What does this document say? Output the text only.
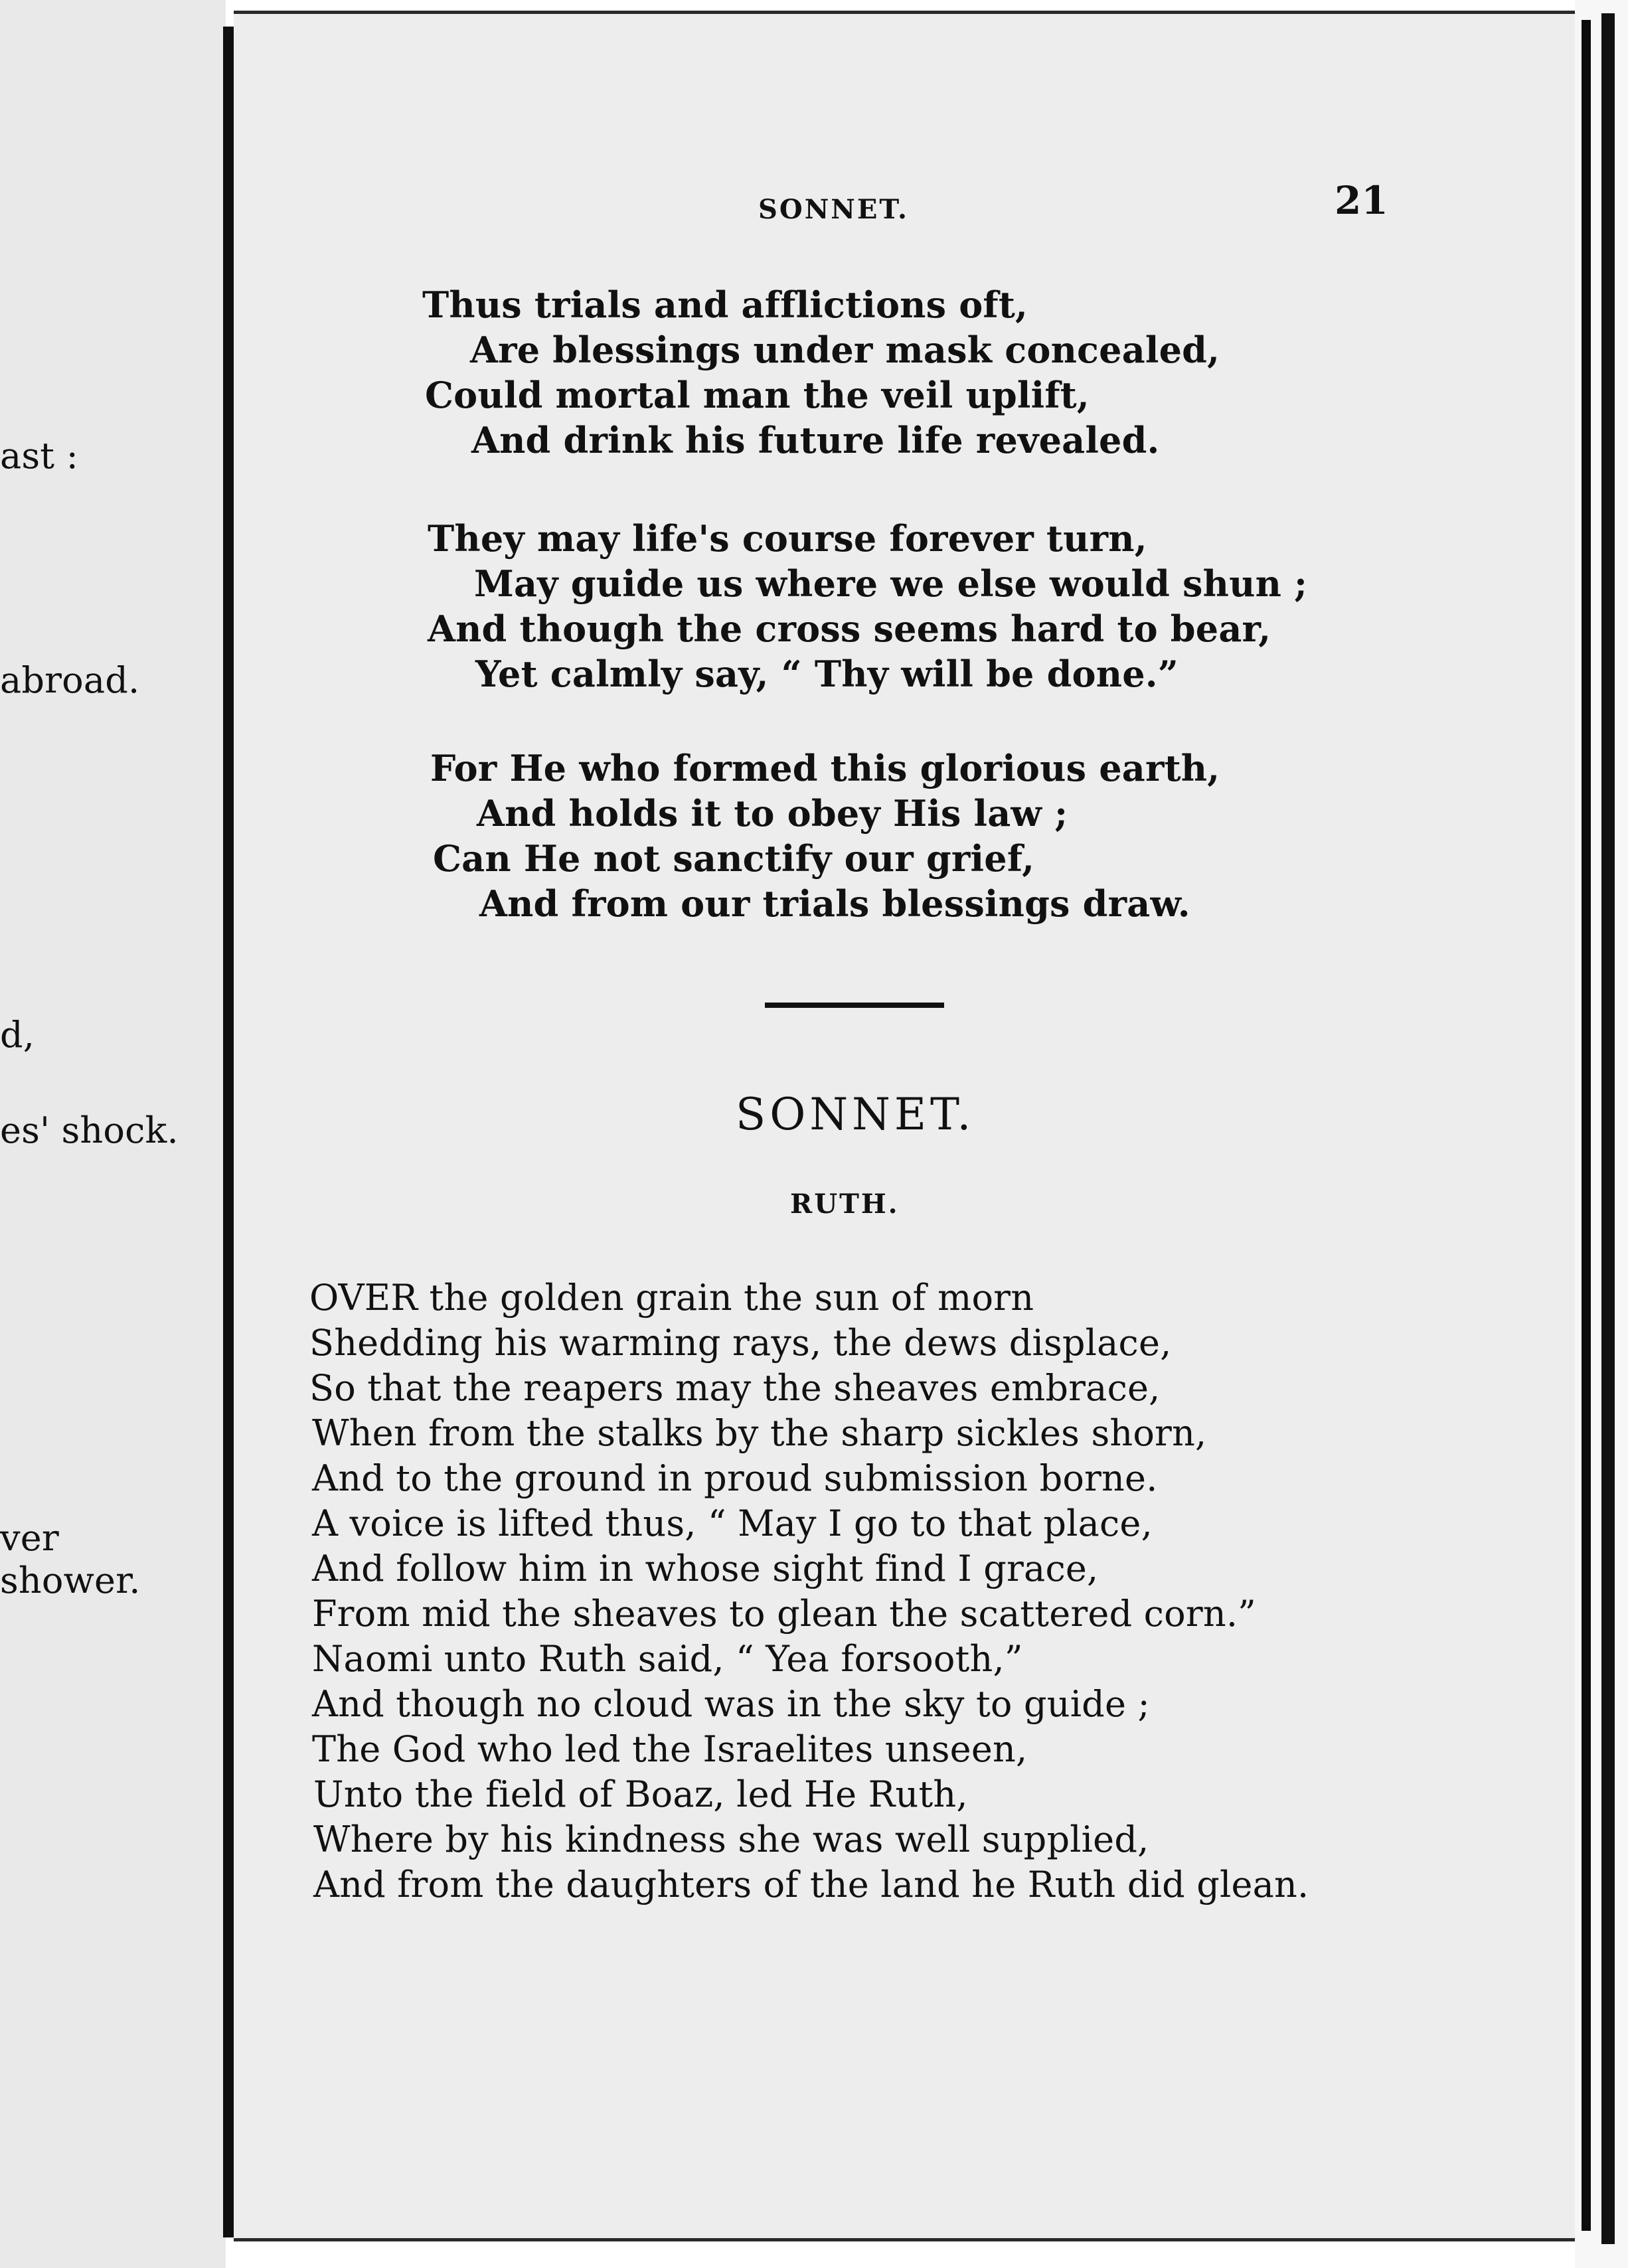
ast :
abroad.
d,
es' shock.
ver
shower.
SONNET.	21
Thus trials and afflictions oft,
Are blessings under mask concealed,
Could mortal man the veil uplift,
And drink his future life revealed.
They may life's course forever turn,
May guide us where we else would shun ;
And though the cross seems hard to bear,
Yet calmly say, “ Thy will be done.”
For He who formed this glorious earth,
And holds it to obey His law ;
Can He not sanctify our grief,
And from our trials blessings draw.
SONNET.
RUTH.
OVER the golden grain the sun of morn
Shedding his warming rays, the dews displace,
So that the reapers may the sheaves embrace,
When from the stalks by the sharp sickles shorn,
And to the ground in proud submission borne.
A voice is lifted thus, “ May I go to that place,
And follow him in whose sight find I grace,
From mid the sheaves to glean the scattered corn.”
Naomi unto Ruth said, “ Yea forsooth,”
And though no cloud was in the sky to guide ;
The God who led the Israelites unseen,
Unto the field of Boaz, led He Ruth,
Where by his kindness she was well supplied,
And from the daughters of the land he Ruth did glean.
